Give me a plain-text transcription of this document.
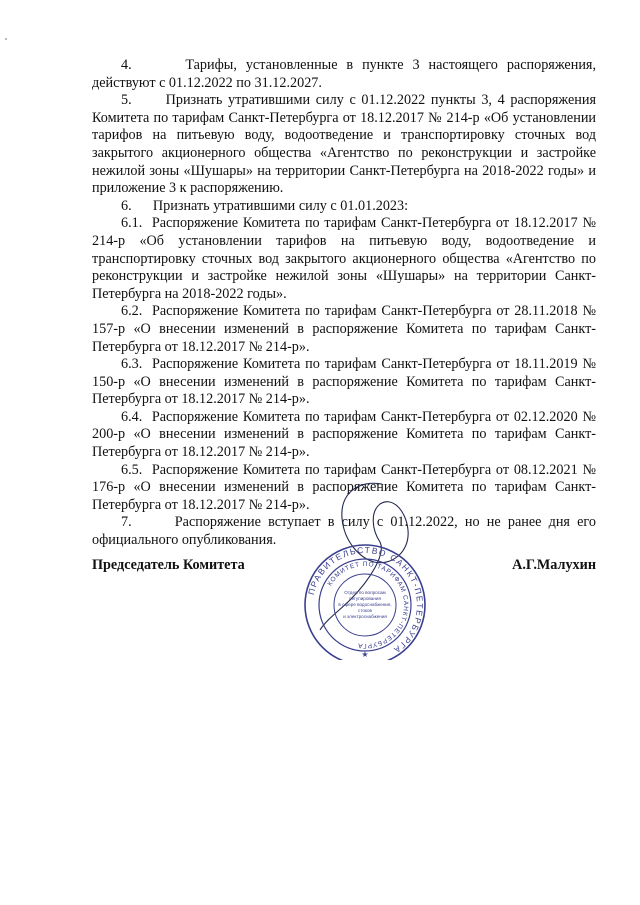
4.      Тарифы, установленные в пункте 3 настоящего распоряжения, действуют с 01.12.2022 по 31.12.2027.

5.      Признать утратившими силу с 01.12.2022 пункты 3, 4 распоряжения Комитета по тарифам Санкт-Петербурга от 18.12.2017 № 214-р «Об установлении тарифов на питьевую воду, водоотведение и транспортировку сточных вод закрытого акционерного общества «Агентство по реконструкции и застройке нежилой зоны «Шушары» на территории Санкт-Петербурга на 2018-2022 годы» и приложение 3 к распоряжению.

6.      Признать утратившими силу с 01.01.2023:

6.1.  Распоряжение Комитета по тарифам Санкт-Петербурга от 18.12.2017 № 214-р «Об установлении тарифов на питьевую воду, водоотведение и транспортировку сточных вод закрытого акционерного общества «Агентство по реконструкции и застройке нежилой зоны «Шушары» на территории Санкт-Петербурга на 2018-2022 годы».

6.2.  Распоряжение Комитета по тарифам Санкт-Петербурга от 28.11.2018 № 157-р «О внесении изменений в распоряжение Комитета по тарифам Санкт-Петербурга от 18.12.2017 № 214-р».

6.3.  Распоряжение Комитета по тарифам Санкт-Петербурга от 18.11.2019 № 150-р «О внесении изменений в распоряжение Комитета по тарифам Санкт-Петербурга от 18.12.2017 № 214-р».

6.4.  Распоряжение Комитета по тарифам Санкт-Петербурга от 02.12.2020 № 200-р «О внесении изменений в распоряжение Комитета по тарифам Санкт-Петербурга от 18.12.2017 № 214-р».

6.5.  Распоряжение Комитета по тарифам Санкт-Петербурга от 08.12.2021 № 176-р «О внесении изменений в распоряжение Комитета по тарифам Санкт-Петербурга от 18.12.2017 № 214-р».

7.      Распоряжение вступает в силу с 01.12.2022, но не ранее дня его официального опубликования.

Председатель Комитета	А.Г.Малухин
ПРАВИТЕЛЬСТВО САНКТ-ПЕТЕРБУРГА
КОМИТЕТ ПО ТАРИФАМ САНКТ-ПЕТЕРБУРГА
Отдел по вопросам
регулирования
в сфере водоснабжения,
стоков
и электроснабжения
★
